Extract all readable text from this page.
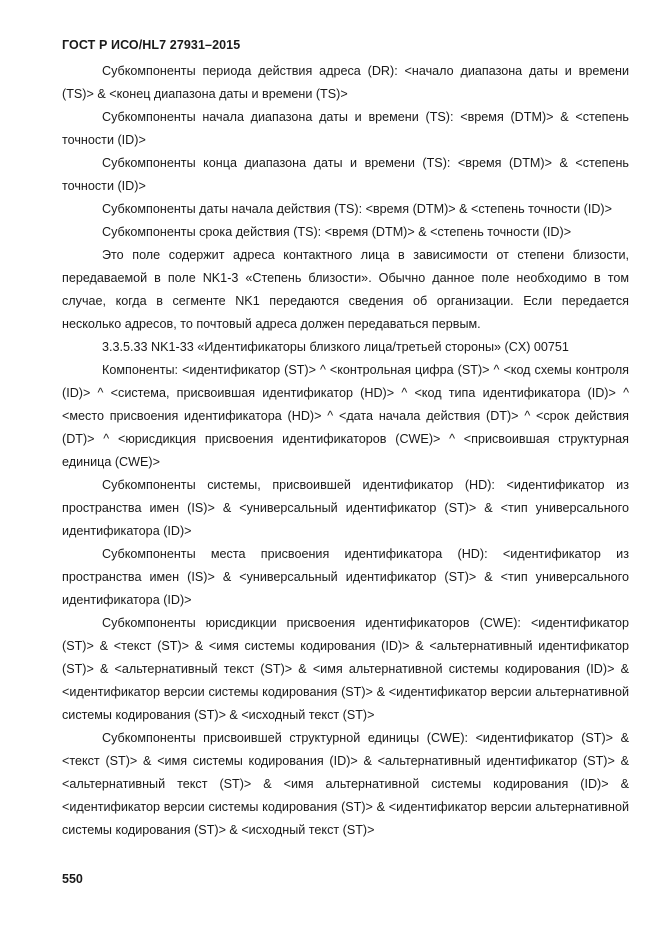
ГОСТ Р ИСО/HL7 27931–2015

Субкомпоненты периода действия адреса (DR): <начало диапазона даты и времени (TS)> & <конец диапазона даты и времени (TS)>

Субкомпоненты начала диапазона даты и времени (TS): <время (DTM)> & <степень точности (ID)>

Субкомпоненты конца диапазона даты и времени (TS): <время (DTM)> & <степень точности (ID)>

Субкомпоненты даты начала действия (TS): <время (DTM)> & <степень точности (ID)>

Субкомпоненты срока действия (TS): <время (DTM)> & <степень точности (ID)>

Это поле содержит адреса контактного лица в зависимости от степени близости, передаваемой в поле NK1-3 «Степень близости». Обычно данное поле необходимо в том случае, когда в сегменте NK1 передаются сведения об организации. Если передается несколько адресов, то почтовый адреса должен передаваться первым.

3.3.5.33 NK1-33 «Идентификаторы близкого лица/третьей стороны» (CX) 00751

Компоненты: <идентификатор (ST)> ^ <контрольная цифра (ST)> ^ <код схемы контроля (ID)> ^ <система, присвоившая идентификатор (HD)> ^ <код типа идентификатора (ID)> ^ <место присвоения идентификатора (HD)> ^ <дата начала действия (DT)> ^ <срок действия (DT)> ^ <юрисдикция присвоения идентификаторов (CWE)> ^ <присвоившая структурная единица (CWE)>

Субкомпоненты системы, присвоившей идентификатор (HD): <идентификатор из пространства имен (IS)> & <универсальный идентификатор (ST)> & <тип универсального идентификатора (ID)>

Субкомпоненты места присвоения идентификатора (HD): <идентификатор из пространства имен (IS)> & <универсальный идентификатор (ST)> & <тип универсального идентификатора (ID)>

Субкомпоненты юрисдикции присвоения идентификаторов (CWE): <идентификатор (ST)> & <текст (ST)> & <имя системы кодирования (ID)> & <альтернативный идентификатор (ST)> & <альтернативный текст (ST)> & <имя альтернативной системы кодирования (ID)> & <идентификатор версии системы кодирования (ST)> & <идентификатор версии альтернативной системы кодирования (ST)> & <исходный текст (ST)>

Субкомпоненты присвоившей структурной единицы (CWE): <идентификатор (ST)> & <текст (ST)> & <имя системы кодирования (ID)> & <альтернативный идентификатор (ST)> & <альтернативный текст (ST)> & <имя альтернативной системы кодирования (ID)> & <идентификатор версии системы кодирования (ST)> & <идентификатор версии альтернативной системы кодирования (ST)> & <исходный текст (ST)>

550
